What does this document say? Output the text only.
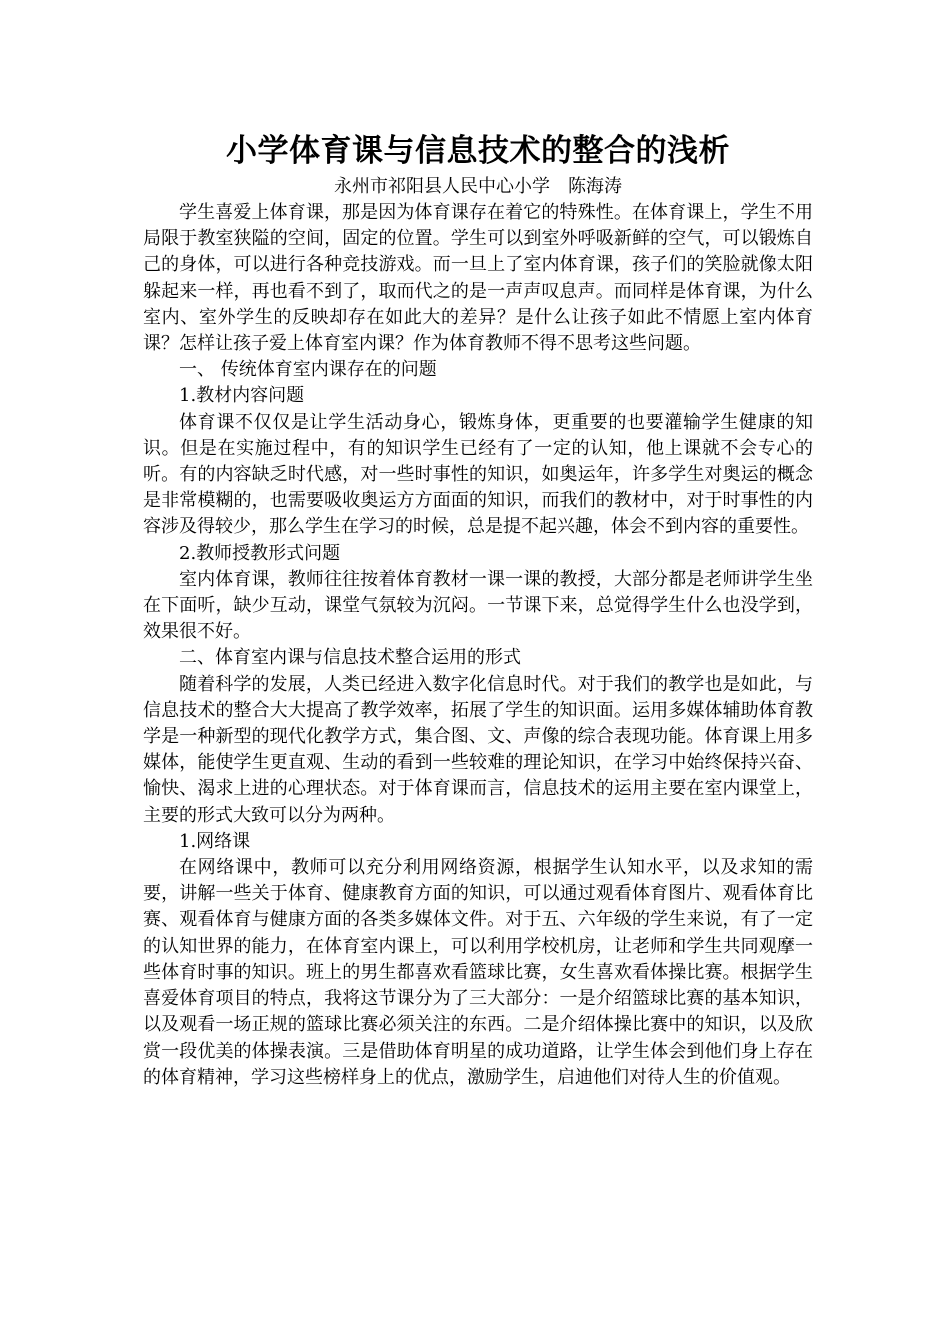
小学体育课与信息技术的整合的浅析

永州市祁阳县人民中心小学　陈海涛

学生喜爱上体育课，那是因为体育课存在着它的特殊性。在体育课上，学生不用局限于教室狭隘的空间，固定的位置。学生可以到室外呼吸新鲜的空气，可以锻炼自己的身体，可以进行各种竞技游戏。而一旦上了室内体育课，孩子们的笑脸就像太阳躲起来一样，再也看不到了，取而代之的是一声声叹息声。而同样是体育课，为什么室内、室外学生的反映却存在如此大的差异？是什么让孩子如此不情愿上室内体育课？怎样让孩子爱上体育室内课？作为体育教师不得不思考这些问题。

一、 传统体育室内课存在的问题

1.教材内容问题

体育课不仅仅是让学生活动身心，锻炼身体，更重要的也要灌输学生健康的知识。但是在实施过程中，有的知识学生已经有了一定的认知，他上课就不会专心的听。有的内容缺乏时代感，对一些时事性的知识，如奥运年，许多学生对奥运的概念是非常模糊的，也需要吸收奥运方方面面的知识，而我们的教材中，对于时事性的内容涉及得较少，那么学生在学习的时候，总是提不起兴趣，体会不到内容的重要性。

2.教师授教形式问题

室内体育课，教师往往按着体育教材一课一课的教授，大部分都是老师讲学生坐在下面听，缺少互动，课堂气氛较为沉闷。一节课下来，总觉得学生什么也没学到，效果很不好。

二、体育室内课与信息技术整合运用的形式

随着科学的发展，人类已经进入数字化信息时代。对于我们的教学也是如此，与信息技术的整合大大提高了教学效率，拓展了学生的知识面。运用多媒体辅助体育教学是一种新型的现代化教学方式，集合图、文、声像的综合表现功能。体育课上用多媒体，能使学生更直观、生动的看到一些较难的理论知识，在学习中始终保持兴奋、愉快、渴求上进的心理状态。对于体育课而言，信息技术的运用主要在室内课堂上，主要的形式大致可以分为两种。

1.网络课

在网络课中，教师可以充分利用网络资源，根据学生认知水平，以及求知的需要，讲解一些关于体育、健康教育方面的知识，可以通过观看体育图片、观看体育比赛、观看体育与健康方面的各类多媒体文件。对于五、六年级的学生来说，有了一定的认知世界的能力，在体育室内课上，可以利用学校机房，让老师和学生共同观摩一些体育时事的知识。班上的男生都喜欢看篮球比赛，女生喜欢看体操比赛。根据学生喜爱体育项目的特点，我将这节课分为了三大部分：一是介绍篮球比赛的基本知识，以及观看一场正规的篮球比赛必须关注的东西。二是介绍体操比赛中的知识，以及欣赏一段优美的体操表演。三是借助体育明星的成功道路，让学生体会到他们身上存在的体育精神，学习这些榜样身上的优点，激励学生，启迪他们对待人生的价值观。
